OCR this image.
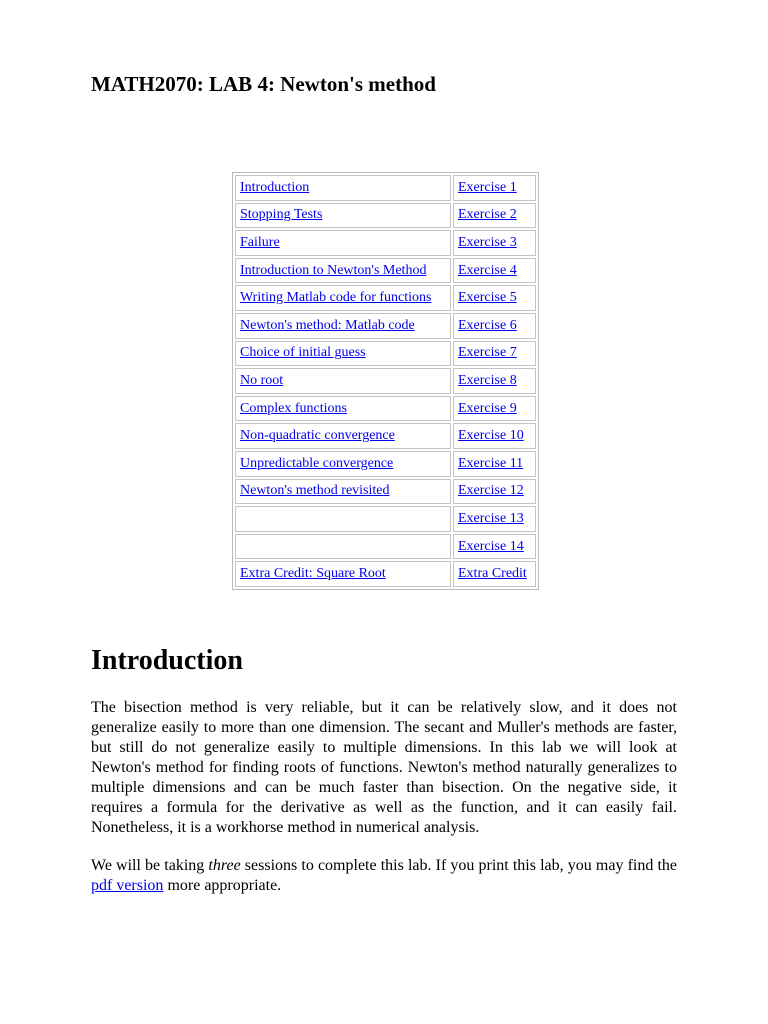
MATH2070: LAB 4: Newton's method
Introduction	Exercise 1
Stopping Tests	Exercise 2
Failure	Exercise 3
Introduction to Newton's Method	Exercise 4
Writing Matlab code for functions	Exercise 5
Newton's method: Matlab code	Exercise 6
Choice of initial guess	Exercise 7
No root	Exercise 8
Complex functions	Exercise 9
Non-quadratic convergence	Exercise 10
Unpredictable convergence	Exercise 11
Newton's method revisited	Exercise 12
	Exercise 13
	Exercise 14
Extra Credit: Square Root	Extra Credit
Introduction

The bisection method is very reliable, but it can be relatively slow, and it does not generalize easily to more than one dimension. The secant and Muller's methods are faster, but still do not generalize easily to multiple dimensions. In this lab we will look at Newton's method for finding roots of functions. Newton's method naturally generalizes to multiple dimensions and can be much faster than bisection. On the negative side, it requires a formula for the derivative as well as the function, and it can easily fail. Nonetheless, it is a workhorse method in numerical analysis.

We will be taking three sessions to complete this lab. If you print this lab, you may find the pdf version more appropriate.
